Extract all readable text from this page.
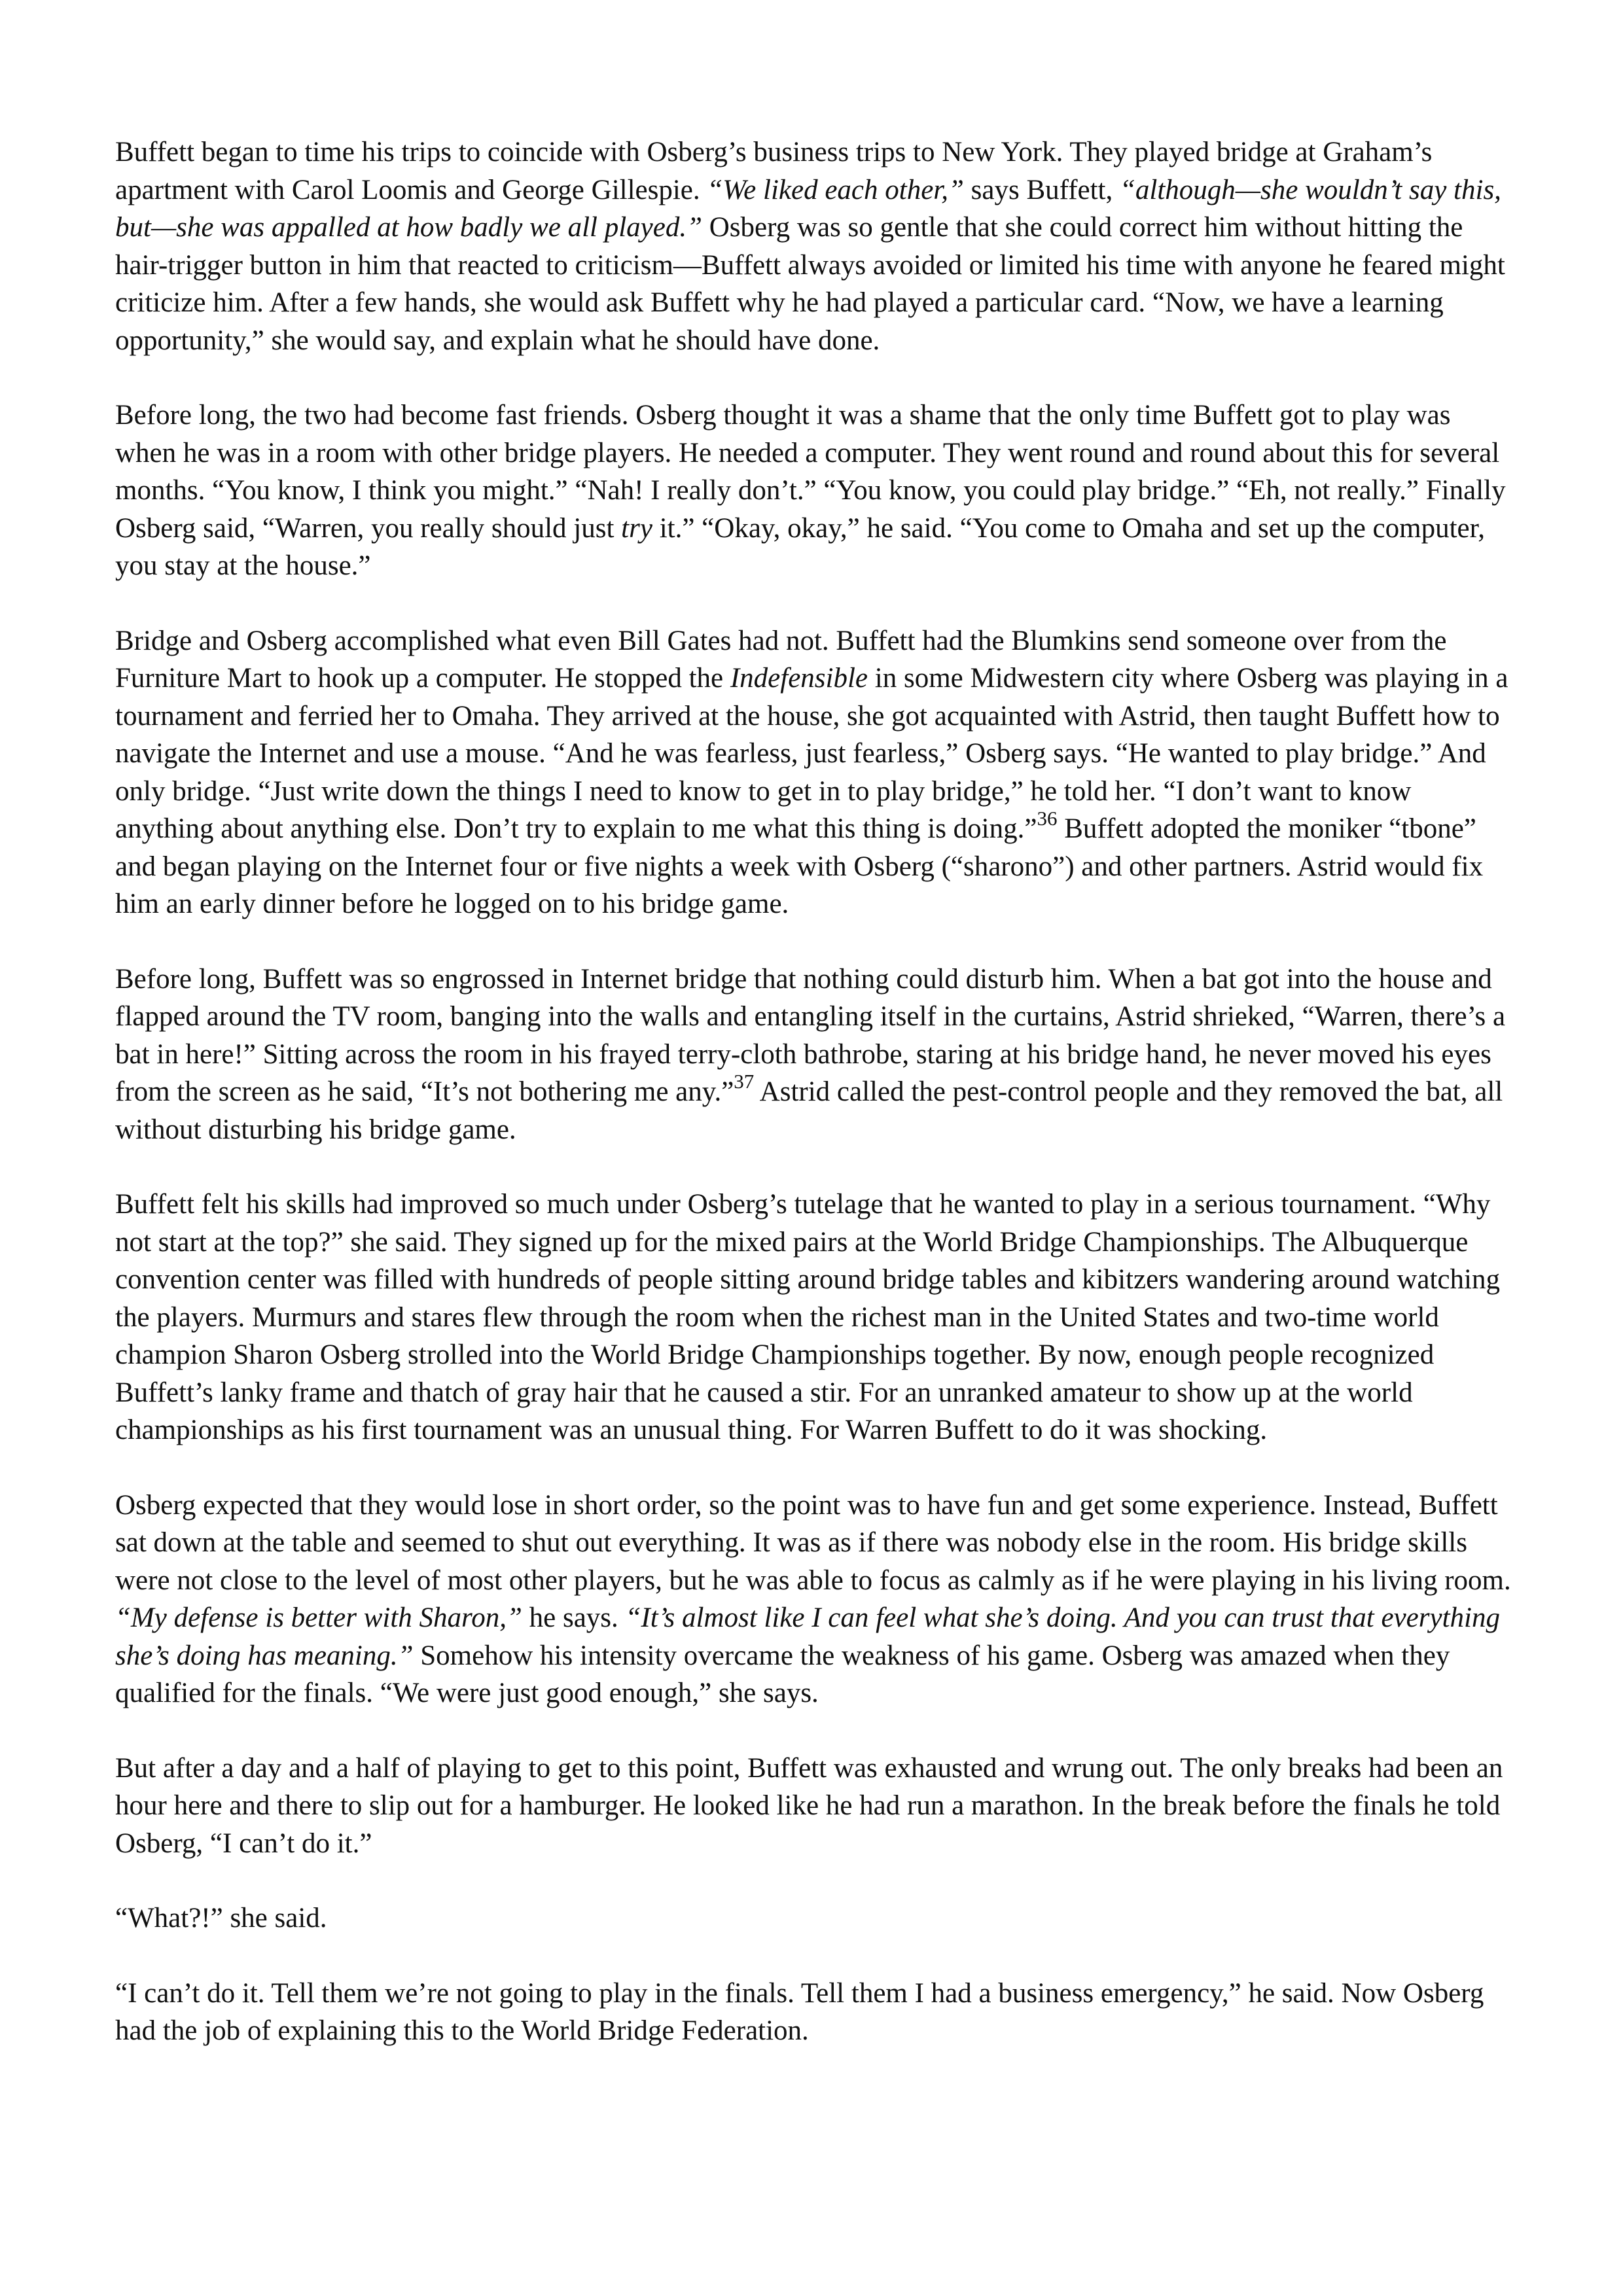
Buffett began to time his trips to coincide with Osberg’s business trips to New York. They played bridge at Graham’s apartment with Carol Loomis and George Gillespie. “We liked each other,” says Buffett, “although—she wouldn’t say this, but—she was appalled at how badly we all played.” Osberg was so gentle that she could correct him without hitting the hair-trigger button in him that reacted to criticism—Buffett always avoided or limited his time with anyone he feared might criticize him. After a few hands, she would ask Buffett why he had played a particular card. “Now, we have a learning opportunity,” she would say, and explain what he should have done.

Before long, the two had become fast friends. Osberg thought it was a shame that the only time Buffett got to play was when he was in a room with other bridge players. He needed a computer. They went round and round about this for several months. “You know, I think you might.” “Nah! I really don’t.” “You know, you could play bridge.” “Eh, not really.” Finally Osberg said, “Warren, you really should just try it.” “Okay, okay,” he said. “You come to Omaha and set up the computer, you stay at the house.”

Bridge and Osberg accomplished what even Bill Gates had not. Buffett had the Blumkins send someone over from the Furniture Mart to hook up a computer. He stopped the Indefensible in some Midwestern city where Osberg was playing in a tournament and ferried her to Omaha. They arrived at the house, she got acquainted with Astrid, then taught Buffett how to navigate the Internet and use a mouse. “And he was fearless, just fearless,” Osberg says. “He wanted to play bridge.” And only bridge. “Just write down the things I need to know to get in to play bridge,” he told her. “I don’t want to know anything about anything else. Don’t try to explain to me what this thing is doing.”$^{36}$ Buffett adopted the moniker “tbone” and began playing on the Internet four or five nights a week with Osberg (“sharono”) and other partners. Astrid would fix him an early dinner before he logged on to his bridge game.

Before long, Buffett was so engrossed in Internet bridge that nothing could disturb him. When a bat got into the house and flapped around the TV room, banging into the walls and entangling itself in the curtains, Astrid shrieked, “Warren, there’s a bat in here!” Sitting across the room in his frayed terry-cloth bathrobe, staring at his bridge hand, he never moved his eyes from the screen as he said, “It’s not bothering me any.”$^{37}$ Astrid called the pest-control people and they removed the bat, all without disturbing his bridge game.

Buffett felt his skills had improved so much under Osberg’s tutelage that he wanted to play in a serious tournament. “Why not start at the top?” she said. They signed up for the mixed pairs at the World Bridge Championships. The Albuquerque convention center was filled with hundreds of people sitting around bridge tables and kibitzers wandering around watching the players. Murmurs and stares flew through the room when the richest man in the United States and two-time world champion Sharon Osberg strolled into the World Bridge Championships together. By now, enough people recognized Buffett’s lanky frame and thatch of gray hair that he caused a stir. For an unranked amateur to show up at the world championships as his first tournament was an unusual thing. For Warren Buffett to do it was shocking.

Osberg expected that they would lose in short order, so the point was to have fun and get some experience. Instead, Buffett sat down at the table and seemed to shut out everything. It was as if there was nobody else in the room. His bridge skills were not close to the level of most other players, but he was able to focus as calmly as if he were playing in his living room. “My defense is better with Sharon,” he says. “It’s almost like I can feel what she’s doing. And you can trust that everything she’s doing has meaning.” Somehow his intensity overcame the weakness of his game. Osberg was amazed when they qualified for the finals. “We were just good enough,” she says.

But after a day and a half of playing to get to this point, Buffett was exhausted and wrung out. The only breaks had been an hour here and there to slip out for a hamburger. He looked like he had run a marathon. In the break before the finals he told Osberg, “I can’t do it.”

“What?!” she said.

“I can’t do it. Tell them we’re not going to play in the finals. Tell them I had a business emergency,” he said. Now Osberg had the job of explaining this to the World Bridge Federation.
